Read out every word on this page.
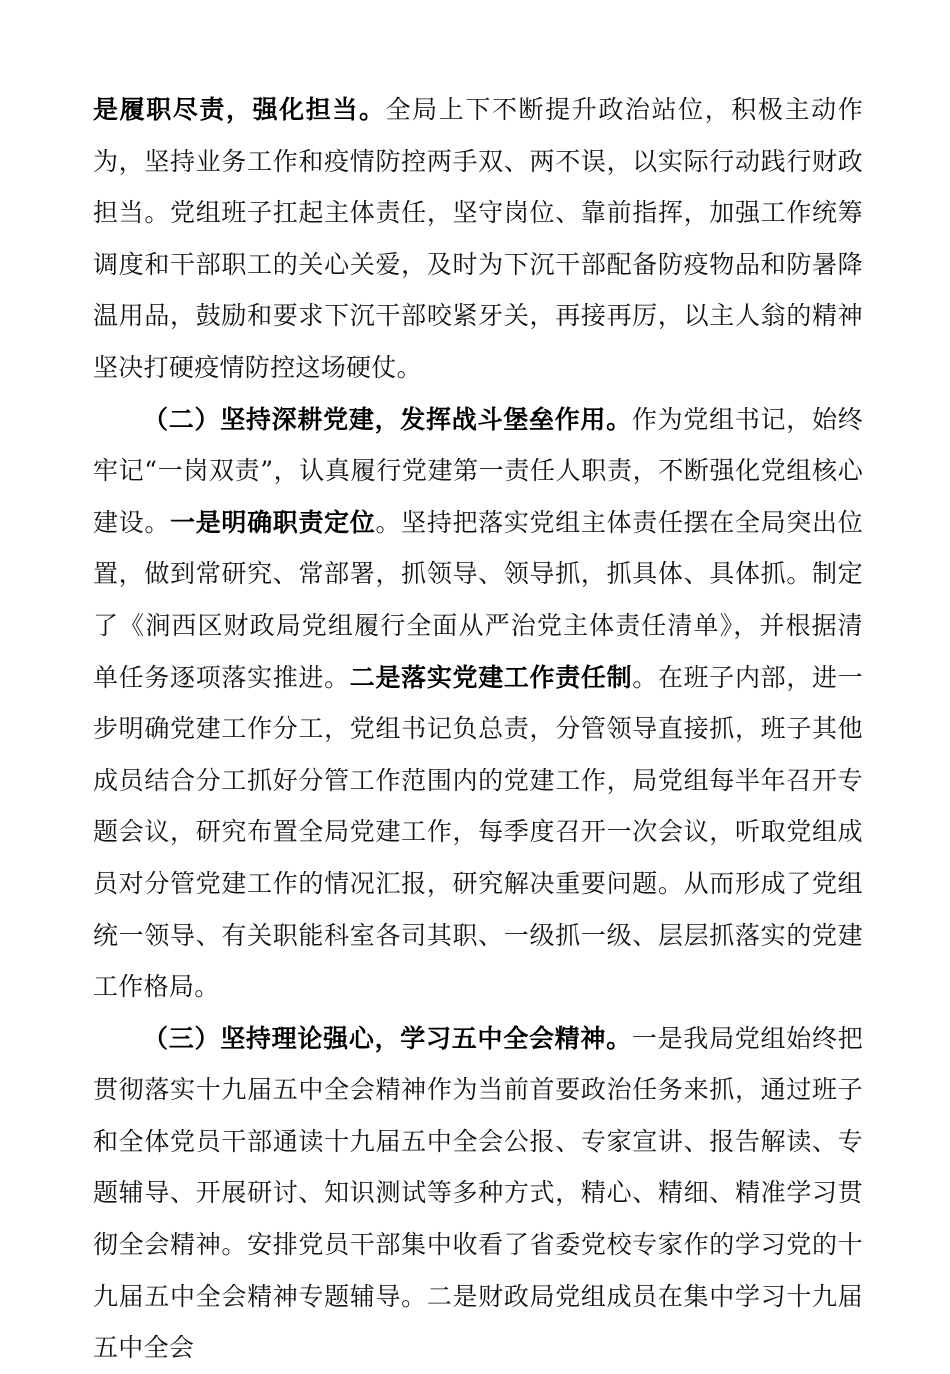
是履职尽责，强化担当。全局上下不断提升政治站位，积极主动作为，坚持业务工作和疫情防控两手双、两不误，以实际行动践行财政担当。党组班子扛起主体责任，坚守岗位、靠前指挥，加强工作统筹调度和干部职工的关心关爱，及时为下沉干部配备防疫物品和防暑降温用品，鼓励和要求下沉干部咬紧牙关，再接再厉，以主人翁的精神坚决打硬疫情防控这场硬仗。

（二）坚持深耕党建，发挥战斗堡垒作用。作为党组书记，始终牢记“一岗双责”，认真履行党建第一责任人职责，不断强化党组核心建设。一是明确职责定位。坚持把落实党组主体责任摆在全局突出位置，做到常研究、常部署，抓领导、领导抓，抓具体、具体抓。制定了《涧西区财政局党组履行全面从严治党主体责任清单》，并根据清单任务逐项落实推进。二是落实党建工作责任制。在班子内部，进一步明确党建工作分工，党组书记负总责，分管领导直接抓，班子其他成员结合分工抓好分管工作范围内的党建工作，局党组每半年召开专题会议，研究布置全局党建工作，每季度召开一次会议，听取党组成员对分管党建工作的情况汇报，研究解决重要问题。从而形成了党组统一领导、有关职能科室各司其职、一级抓一级、层层抓落实的党建工作格局。

（三）坚持理论强心，学习五中全会精神。一是我局党组始终把贯彻落实十九届五中全会精神作为当前首要政治任务来抓，通过班子和全体党员干部通读十九届五中全会公报、专家宣讲、报告解读、专题辅导、开展研讨、知识测试等多种方式，精心、精细、精准学习贯彻全会精神。安排党员干部集中收看了省委党校专家作的学习党的十九届五中全会精神专题辅导。二是财政局党组成员在集中学习十九届五中全会
